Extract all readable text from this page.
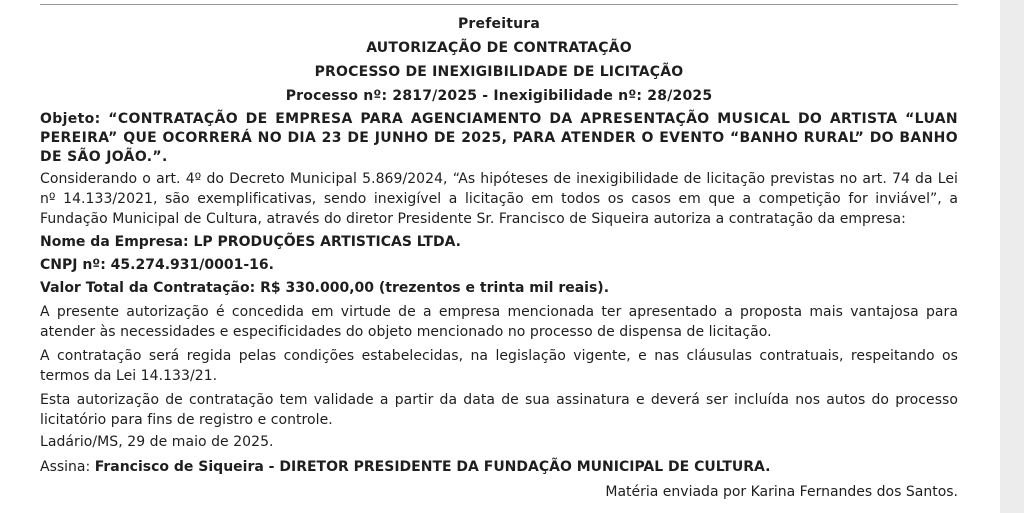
Prefeitura
AUTORIZAÇÃO DE CONTRATAÇÃO
PROCESSO DE INEXIGIBILIDADE DE LICITAÇÃO
Processo nº: 2817/2025 - Inexigibilidade nº: 28/2025
Objeto: “CONTRATAÇÃO DE EMPRESA PARA AGENCIAMENTO DA APRESENTAÇÃO MUSICAL DO ARTISTA “LUAN PEREIRA” QUE OCORRERÁ NO DIA 23 DE JUNHO DE 2025, PARA ATENDER O EVENTO “BANHO RURAL” DO BANHO DE SÃO JOÃO.”.

Considerando o art. 4º do Decreto Municipal 5.869/2024, “As hipóteses de inexigibilidade de licitação previstas no art. 74 da Lei nº 14.133/2021, são exemplificativas, sendo inexigível a licitação em todos os casos em que a competição for inviável”, a Fundação Municipal de Cultura, através do diretor Presidente Sr. Francisco de Siqueira autoriza a contratação da empresa:

Nome da Empresa: LP PRODUÇÕES ARTISTICAS LTDA.
CNPJ nº: 45.274.931/0001-16.
Valor Total da Contratação: R$ 330.000,00 (trezentos e trinta mil reais).

A presente autorização é concedida em virtude de a empresa mencionada ter apresentado a proposta mais vantajosa para atender às necessidades e especificidades do objeto mencionado no processo de dispensa de licitação.

A contratação será regida pelas condições estabelecidas, na legislação vigente, e nas cláusulas contratuais, respeitando os termos da Lei 14.133/21.

Esta autorização de contratação tem validade a partir da data de sua assinatura e deverá ser incluída nos autos do processo licitatório para fins de registro e controle.

Ladário/MS, 29 de maio de 2025.

Assina: Francisco de Siqueira - DIRETOR PRESIDENTE DA FUNDAÇÃO MUNICIPAL DE CULTURA.
Matéria enviada por Karina Fernandes dos Santos.
